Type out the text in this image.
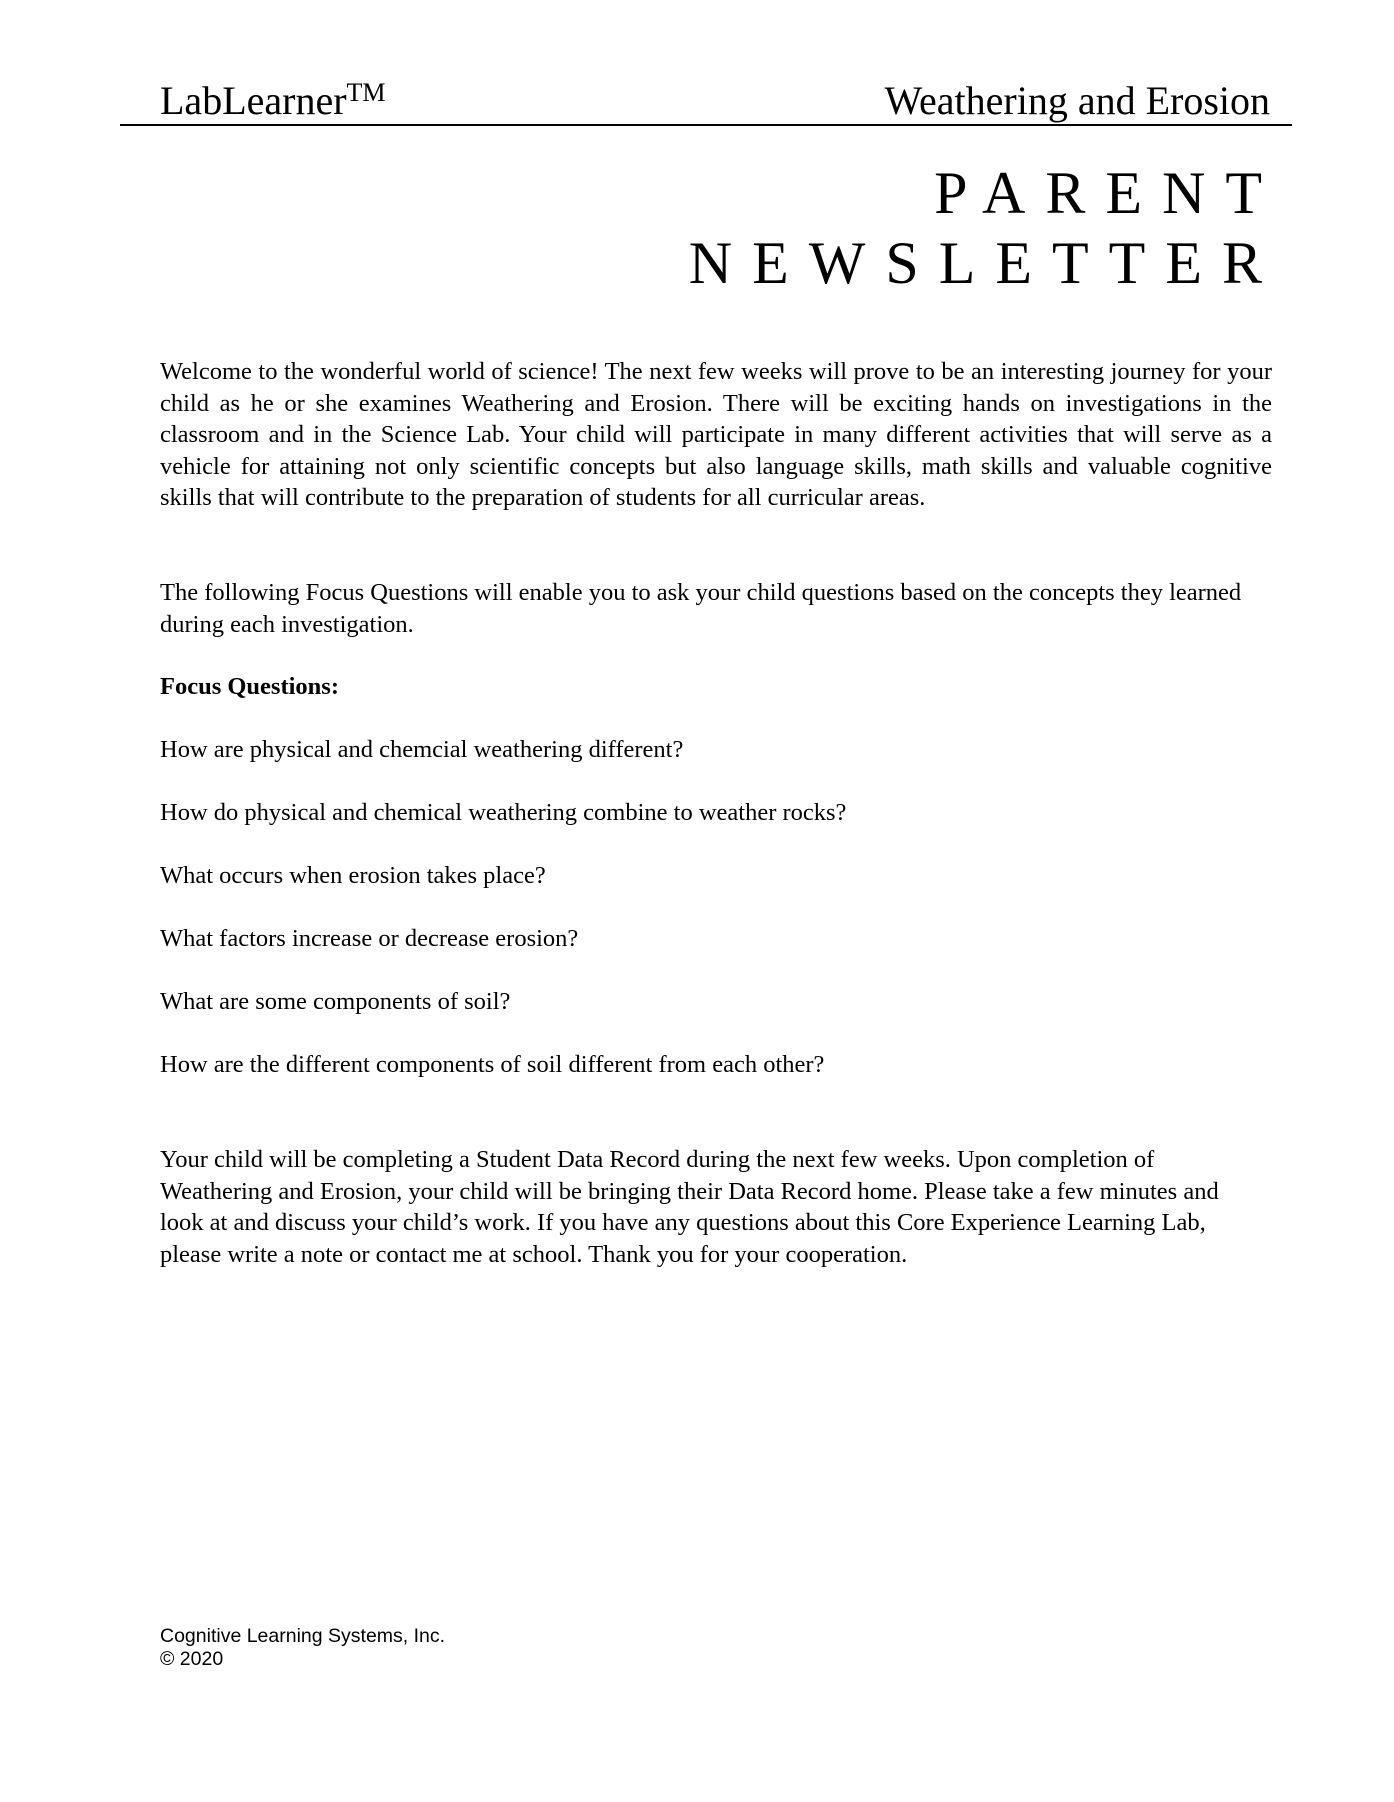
LabLearner™	Weathering and Erosion
PARENT
NEWSLETTER
Welcome to the wonderful world of science! The next few weeks will prove to be an interesting journey for your child as he or she examines Weathering and Erosion. There will be exciting hands on investigations in the classroom and in the Science Lab. Your child will participate in many different activities that will serve as a vehicle for attaining not only scientific concepts but also language skills, math skills and valuable cognitive skills that will contribute to the preparation of students for all curricular areas.
The following Focus Questions will enable you to ask your child questions based on the concepts they learned during each investigation.
Focus Questions:
How are physical and chemcial weathering different?
How do physical and chemical weathering combine to weather rocks?
What occurs when erosion takes place?
What factors increase or decrease erosion?
What are some components of soil?
How are the different components of soil different from each other?
Your child will be completing a Student Data Record during the next few weeks. Upon completion of Weathering and Erosion, your child will be bringing their Data Record home. Please take a few minutes and look at and discuss your child’s work. If you have any questions about this Core Experience Learning Lab, please write a note or contact me at school. Thank you for your cooperation.
Cognitive Learning Systems, Inc.
© 2020
